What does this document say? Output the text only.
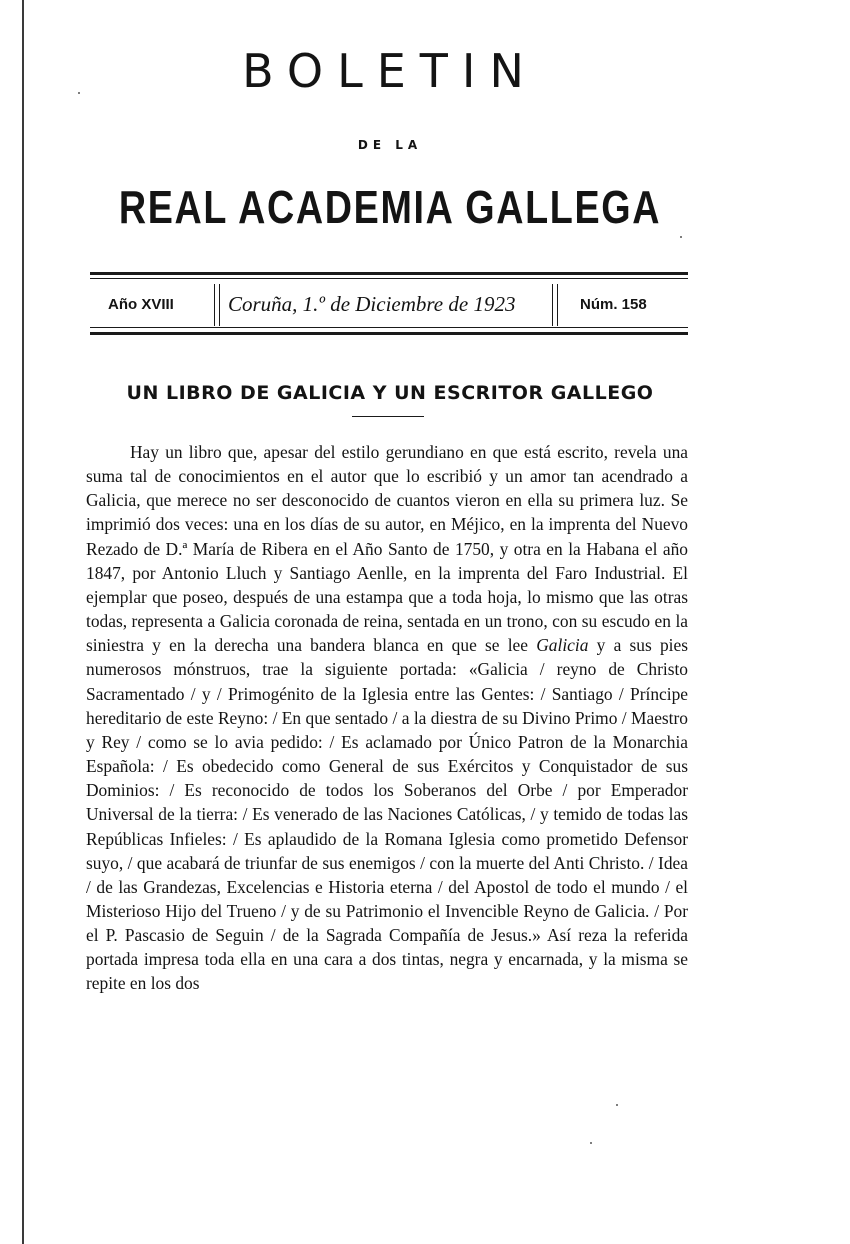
BOLETIN
DE LA
REAL ACADEMIA GALLEGA
Año XVIII	Coruña, 1.º de Diciembre de 1923	Núm. 158
UN LIBRO DE GALICIA Y UN ESCRITOR GALLEGO

Hay un libro que, apesar del estilo gerundiano en que está escrito, revela una suma tal de conocimientos en el autor que lo escribió y un amor tan acendrado a Galicia, que merece no ser desconocido de cuantos vieron en ella su primera luz. Se imprimió dos veces: una en los días de su autor, en Méjico, en la imprenta del Nuevo Rezado de D.ª María de Ribera en el Año Santo de 1750, y otra en la Habana el año 1847, por Antonio Lluch y Santiago Aenlle, en la imprenta del Faro Industrial. El ejemplar que poseo, después de una estampa que a toda hoja, lo mismo que las otras todas, representa a Galicia coronada de reina, sentada en un trono, con su escudo en la siniestra y en la derecha una bandera blanca en que se lee Galicia y a sus pies numerosos mónstruos, trae la siguiente portada: «Galicia / reyno de Christo Sacramentado / y / Primogénito de la Iglesia entre las Gentes: / Santiago / Príncipe hereditario de este Reyno: / En que sentado / a la diestra de su Divino Primo / Maestro y Rey / como se lo avia pedido: / Es aclamado por Único Patron de la Monarchia Española: / Es obedecido como General de sus Exércitos y Conquistador de sus Dominios: / Es reconocido de todos los Soberanos del Orbe / por Emperador Universal de la tierra: / Es venerado de las Naciones Católicas, / y temido de todas las Repúblicas Infieles: / Es aplaudido de la Romana Iglesia como prometido Defensor suyo, / que acabará de triunfar de sus enemigos / con la muerte del Anti Christo. / Idea / de las Grandezas, Excelencias e Historia eterna / del Apostol de todo el mundo / el Misterioso Hijo del Trueno / y de su Patrimonio el Invencible Reyno de Galicia. / Por el P. Pascasio de Seguin / de la Sagrada Compañía de Jesus.» Así reza la referida portada impresa toda ella en una cara a dos tintas, negra y encarnada, y la misma se repite en los dos
